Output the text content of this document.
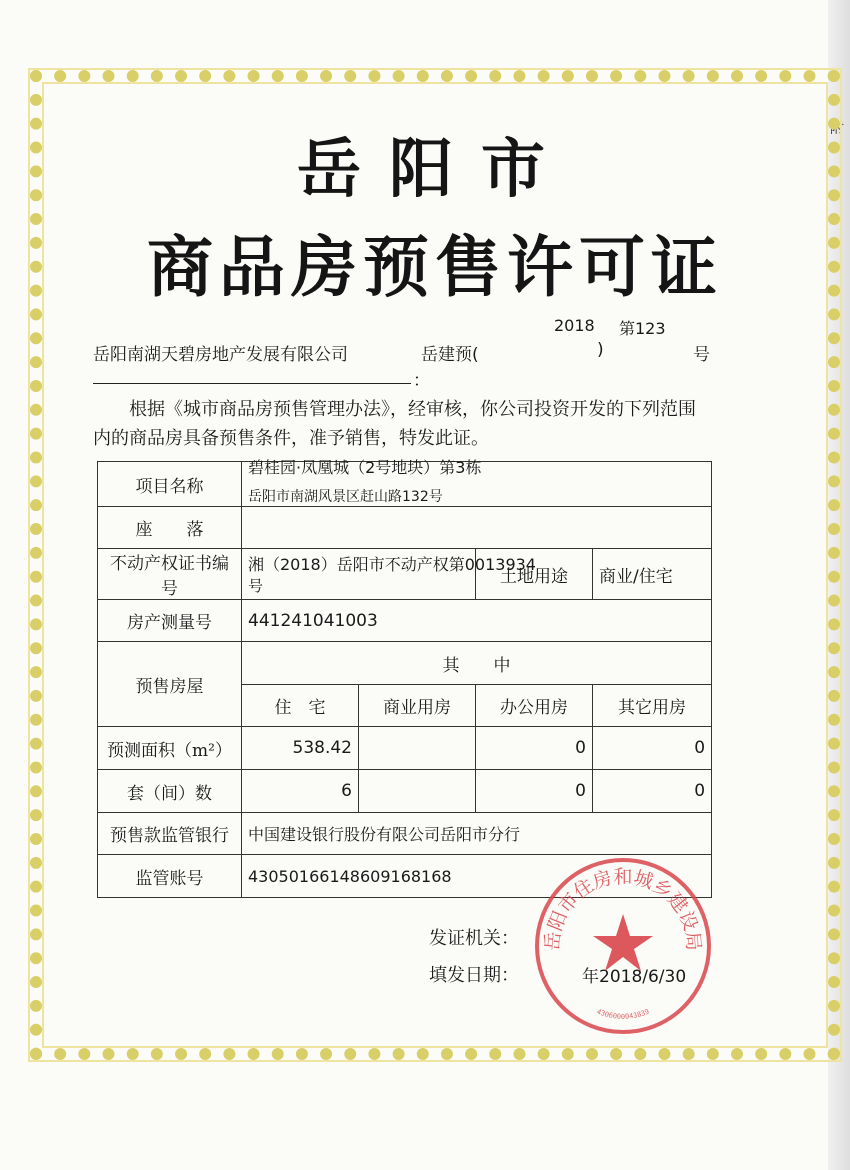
附
岳阳市
商品房预售许可证
2018 第123
岳阳南湖天碧房地产发展有限公司	岳建预(	)	号
：

根据《城市商品房预售管理办法》，经审核，你公司投资开发的下列范围内的商品房具备预售条件，准予销售，特发此证。

项目名称	碧桂园·凤凰城（2号地块）第3栋
岳阳市南湖风景区赶山路132号			

座　　落				
不动产权证书编号	湘（2018）岳阳市不动产权第0013934
号		土地用途	商业/住宅
房产测量号	441241041003			
预售房屋	其　　中			
	住　宅	商业用房	办公用房	其它用房
预测面积（m²）	538.42		0	0
套（间）数	6		0	0
预售款监管银行	中国建设银行股份有限公司岳阳市分行			
监管账号	43050166148609168168			
发证机关：
填发日期：	年2018/6/30
岳阳市住房和城乡建设局
4306000043839
